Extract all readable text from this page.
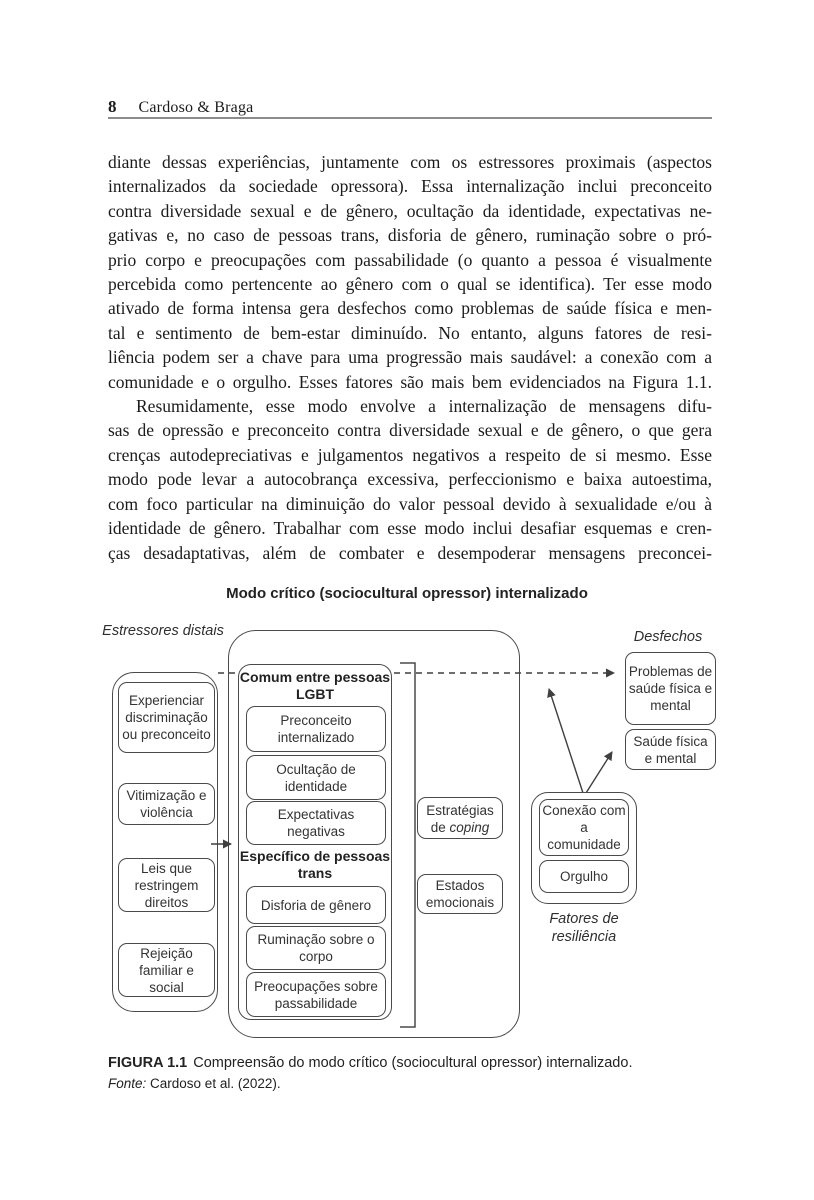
8 Cardoso & Braga
diante dessas experiências, juntamente com os estressores proximais (aspectos
internalizados da sociedade opressora). Essa internalização inclui preconceito
contra diversidade sexual e de gênero, ocultação da identidade, expectativas ne-
gativas e, no caso de pessoas trans, disforia de gênero, ruminação sobre o pró-
prio corpo e preocupações com passabilidade (o quanto a pessoa é visualmente
percebida como pertencente ao gênero com o qual se identifica). Ter esse modo
ativado de forma intensa gera desfechos como problemas de saúde física e men-
tal e sentimento de bem-estar diminuído. No entanto, alguns fatores de resi-
liência podem ser a chave para uma progressão mais saudável: a conexão com a
comunidade e o orgulho. Esses fatores são mais bem evidenciados na Figura 1.1.
Resumidamente, esse modo envolve a internalização de mensagens difu-
sas de opressão e preconceito contra diversidade sexual e de gênero, o que gera
crenças autodepreciativas e julgamentos negativos a respeito de si mesmo. Esse
modo pode levar a autocobrança excessiva, perfeccionismo e baixa autoestima,
com foco particular na diminuição do valor pessoal devido à sexualidade e/ou à
identidade de gênero. Trabalhar com esse modo inclui desafiar esquemas e cren-
ças desadaptativas, além de combater e desempoderar mensagens preconcei-
Modo crítico (sociocultural opressor) internalizado
Estressores distais	Desfechos
Fatores de resiliência
Experienciar discriminação ou preconceito
Vitimização e violência
Leis que restringem direitos
Rejeição familiar e social
Comum entre pessoas LGBT
Preconceito internalizado
Ocultação de identidade
Expectativas negativas
Específico de pessoas trans
Disforia de gênero
Ruminação sobre o corpo
Preocupações sobre passabilidade
Estratégias
de coping
Estados emocionais
Problemas de saúde física e mental
Saúde física e mental
Conexão com a comunidade
Orgulho
FIGURA 1.1 Compreensão do modo crítico (sociocultural opressor) internalizado.
Fonte: Cardoso et al. (2022).
